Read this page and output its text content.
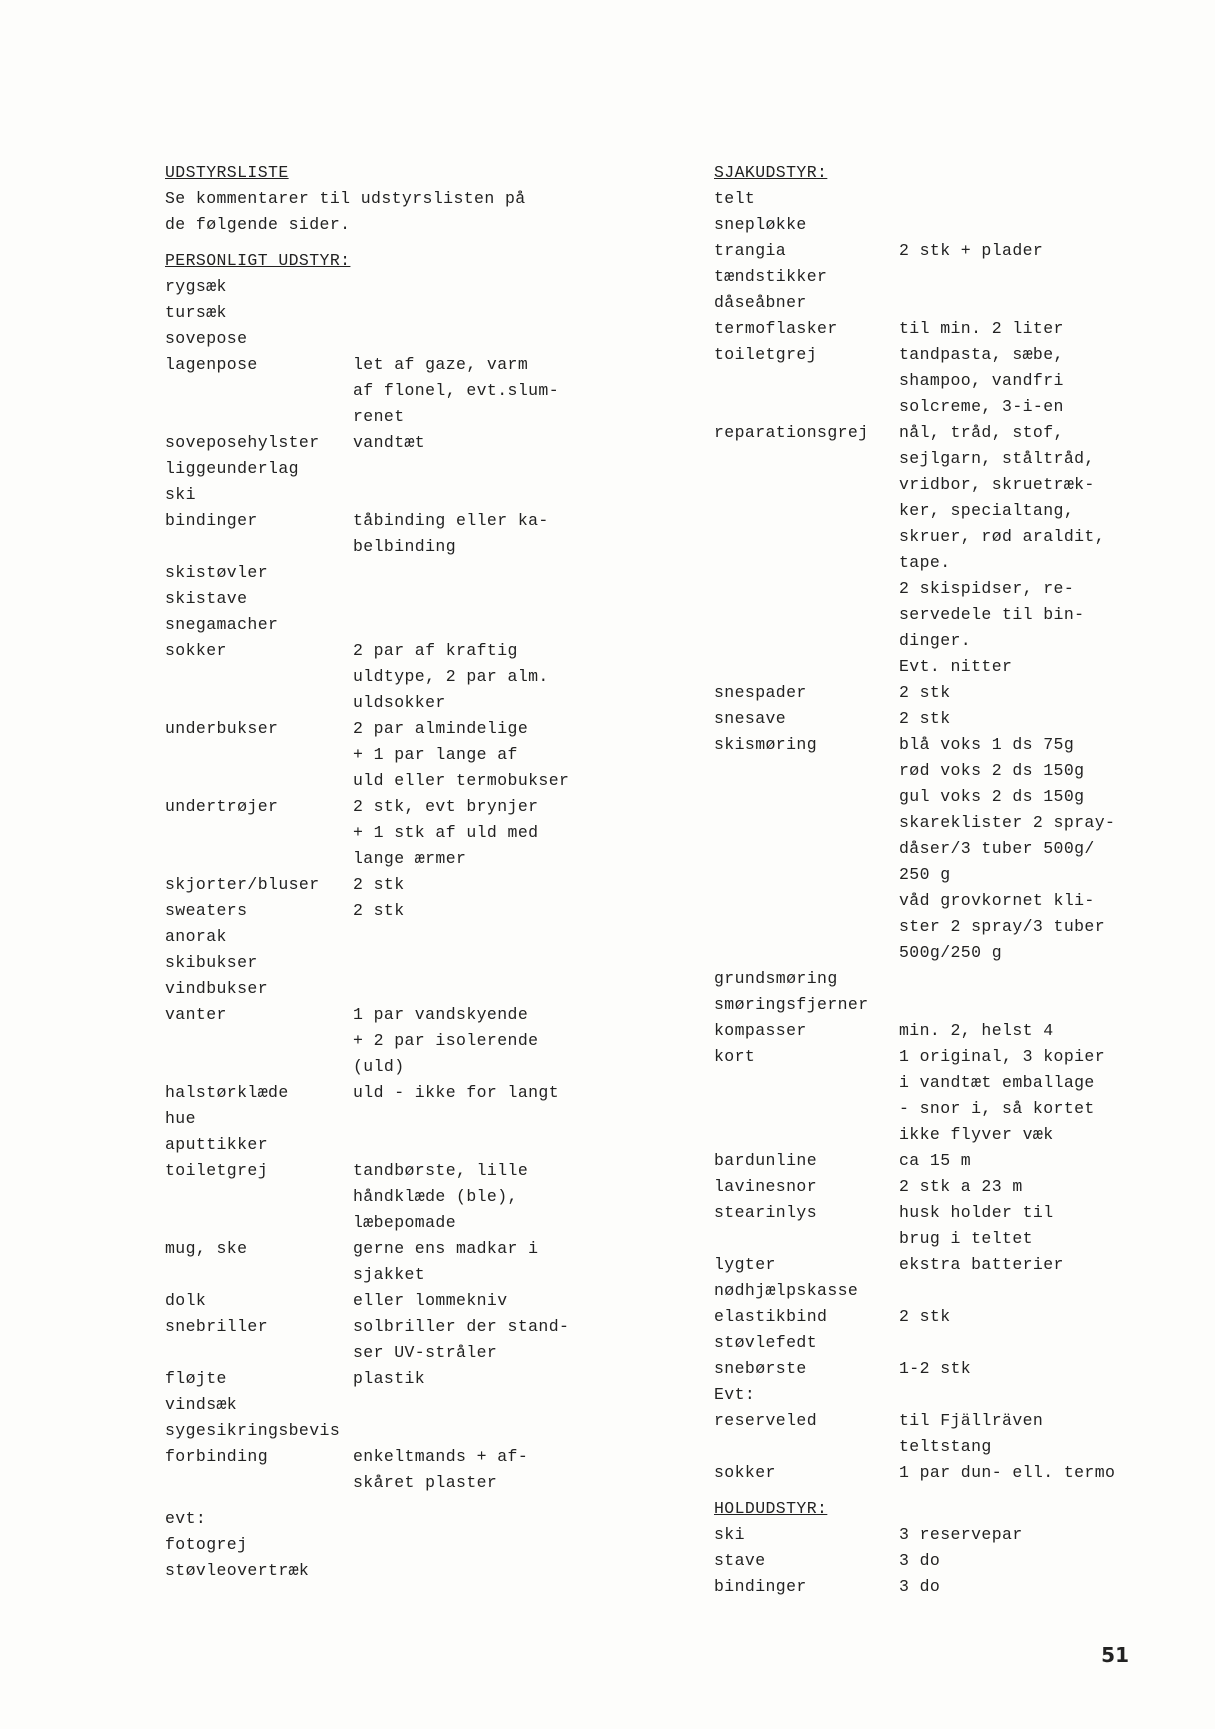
UDSTYRSLISTE
Se kommentarer til udstyrslisten på
de følgende sider.
PERSONLIGT UDSTYR:
rygsæk
tursæk
sovepose
lagenpose	let af gaze, varm
af flonel, evt.slum-
renet
soveposehylster	vandtæt
liggeunderlag
ski
bindinger	tåbinding eller ka-
belbinding
skistøvler
skistave
snegamacher
sokker	2 par af kraftig
uldtype, 2 par alm.
uldsokker
underbukser	2 par almindelige
+ 1 par lange af
uld eller termobukser
undertrøjer	2 stk, evt brynjer
+ 1 stk af uld med
lange ærmer
skjorter/bluser	2 stk
sweaters	2 stk
anorak
skibukser
vindbukser
vanter	1 par vandskyende
+ 2 par isolerende
(uld)
halstørklæde	uld - ikke for langt
hue
aputtikker
toiletgrej	tandbørste, lille
håndklæde (ble),
læbepomade
mug, ske	gerne ens madkar i
sjakket
dolk	eller lommekniv
snebriller	solbriller der stand-
ser UV-stråler
fløjte	plastik
vindsæk
sygesikringsbevis
forbinding	enkeltmands + af-
skåret plaster
evt:
fotogrej
støvleovertræk
SJAKUDSTYR:
telt
snepløkke
trangia	2 stk + plader
tændstikker
dåseåbner
termoflasker	til min. 2 liter
toiletgrej	tandpasta, sæbe,
shampoo, vandfri
solcreme, 3-i-en
reparationsgrej	nål, tråd, stof,
sejlgarn, ståltråd,
vridbor, skruetræk-
ker, specialtang,
skruer, rød araldit,
tape.
2 skispidser, re-
servedele til bin-
dinger.
Evt. nitter
snespader	2 stk
snesave	2 stk
skismøring	blå voks 1 ds 75g
rød voks 2 ds 150g
gul voks 2 ds 150g
skareklister 2 spray-
dåser/3 tuber 500g/
250 g
våd grovkornet kli-
ster 2 spray/3 tuber
500g/250 g
grundsmøring
smøringsfjerner
kompasser	min. 2, helst 4
kort	1 original, 3 kopier
i vandtæt emballage
- snor i, så kortet
ikke flyver væk
bardunline	ca 15 m
lavinesnor	2 stk a 23 m
stearinlys	husk holder til
brug i teltet
lygter	ekstra batterier
nødhjælpskasse
elastikbind	2 stk
støvlefedt
snebørste	1-2 stk
Evt:
reserveled	til Fjällräven
teltstang
sokker	1 par dun- ell. termo
HOLDUDSTYR:
ski	3 reservepar
stave	3 do
bindinger	3 do
51
